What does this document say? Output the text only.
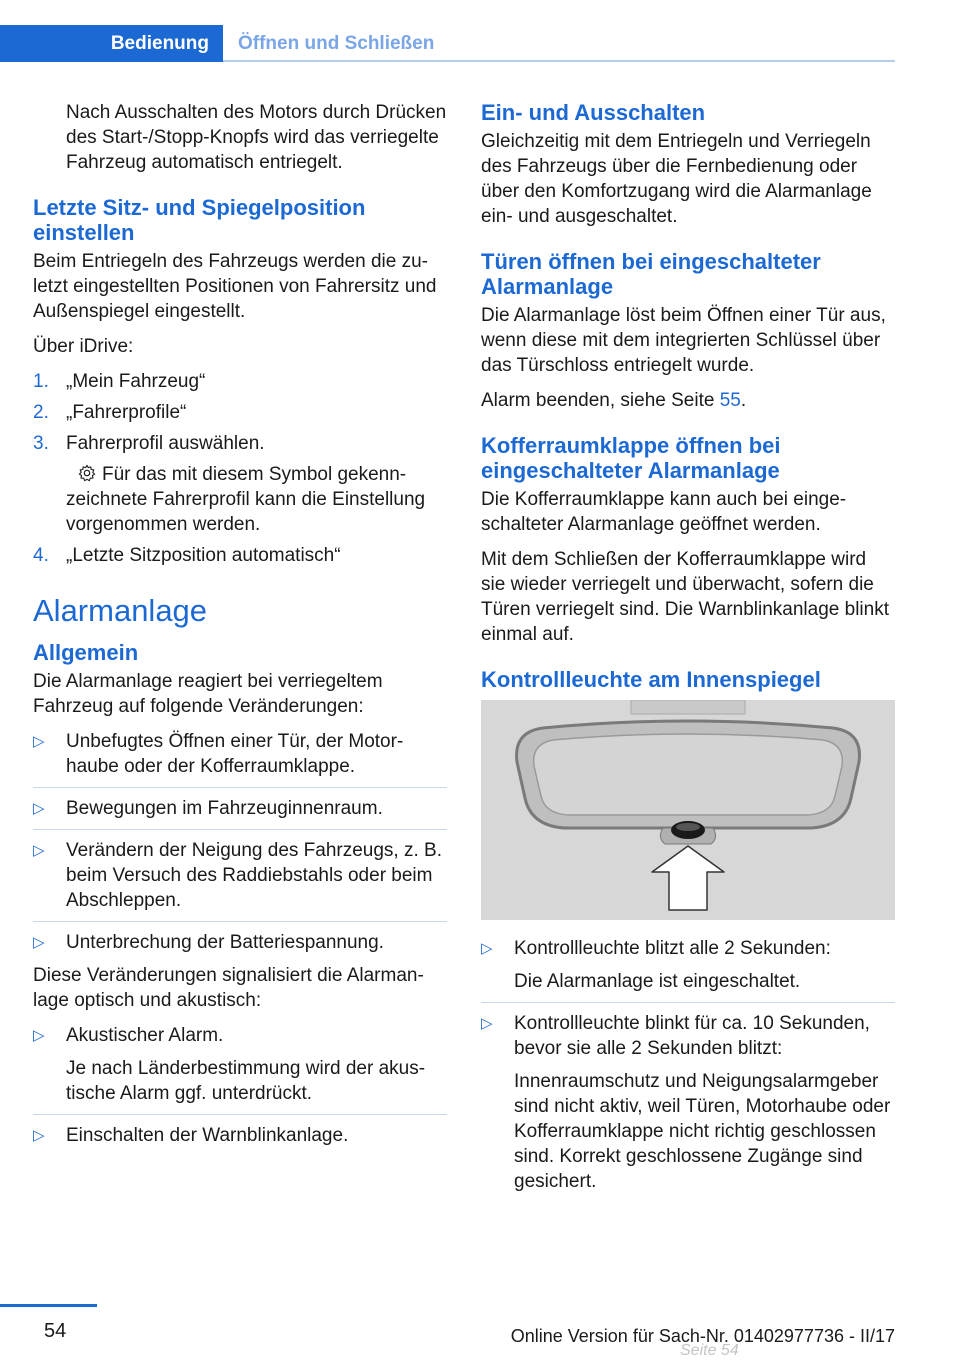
Bedienung Öffnen und Schließen

Nach Ausschalten des Motors durch Drücken des Start-/Stopp-Knopfs wird das verriegelte Fahrzeug automatisch entriegelt.

Letzte Sitz- und Spiegelposition einstellen

Beim Entriegeln des Fahrzeugs werden die zuletzt eingestellten Positionen von Fahrersitz und Außenspiegel eingestellt.

Über iDrive:

1. „Mein Fahrzeug“
2. „Fahrerprofile“
3. Fahrerprofil auswählen.
Für das mit diesem Symbol gekennzeichnete Fahrerprofil kann die Einstellung vorgenommen werden.
4. „Letzte Sitzposition automatisch“
Alarmanlage
Allgemein

Die Alarmanlage reagiert bei verriegeltem Fahrzeug auf folgende Veränderungen:

▷	Unbefugtes Öffnen einer Tür, der Motorhaube oder der Kofferraumklappe.
▷	Bewegungen im Fahrzeuginnenraum.
▷	Verändern der Neigung des Fahrzeugs, z. B. beim Versuch des Raddiebstahls oder beim Abschleppen.
▷	Unterbrechung der Batteriespannung.

Diese Veränderungen signalisiert die Alarmanlage optisch und akustisch:

▷	Akustischer Alarm.
Je nach Länderbestimmung wird der akustische Alarm ggf. unterdrückt.
▷	Einschalten der Warnblinkanlage.
Ein- und Ausschalten

Gleichzeitig mit dem Entriegeln und Verriegeln des Fahrzeugs über die Fernbedienung oder über den Komfortzugang wird die Alarmanlage ein- und ausgeschaltet.

Türen öffnen bei eingeschalteter Alarmanlage

Die Alarmanlage löst beim Öffnen einer Tür aus, wenn diese mit dem integrierten Schlüssel über das Türschloss entriegelt wurde.

Alarm beenden, siehe Seite 55.

Kofferraumklappe öffnen bei eingeschalteter Alarmanlage

Die Kofferraumklappe kann auch bei eingeschalteter Alarmanlage geöffnet werden.

Mit dem Schließen der Kofferraumklappe wird sie wieder verriegelt und überwacht, sofern die Türen verriegelt sind. Die Warnblinkanlage blinkt einmal auf.

Kontrollleuchte am Innenspiegel
▷	Kontrollleuchte blitzt alle 2 Sekunden:
Die Alarmanlage ist eingeschaltet.
▷	Kontrollleuchte blinkt für ca. 10 Sekunden, bevor sie alle 2 Sekunden blitzt:
Innenraumschutz und Neigungsalarmgeber sind nicht aktiv, weil Türen, Motorhaube oder Kofferraumklappe nicht richtig geschlossen sind. Korrekt geschlossene Zugänge sind gesichert.
54	Online Version für Sach-Nr. 01402977736 - II/17
Seite 54
